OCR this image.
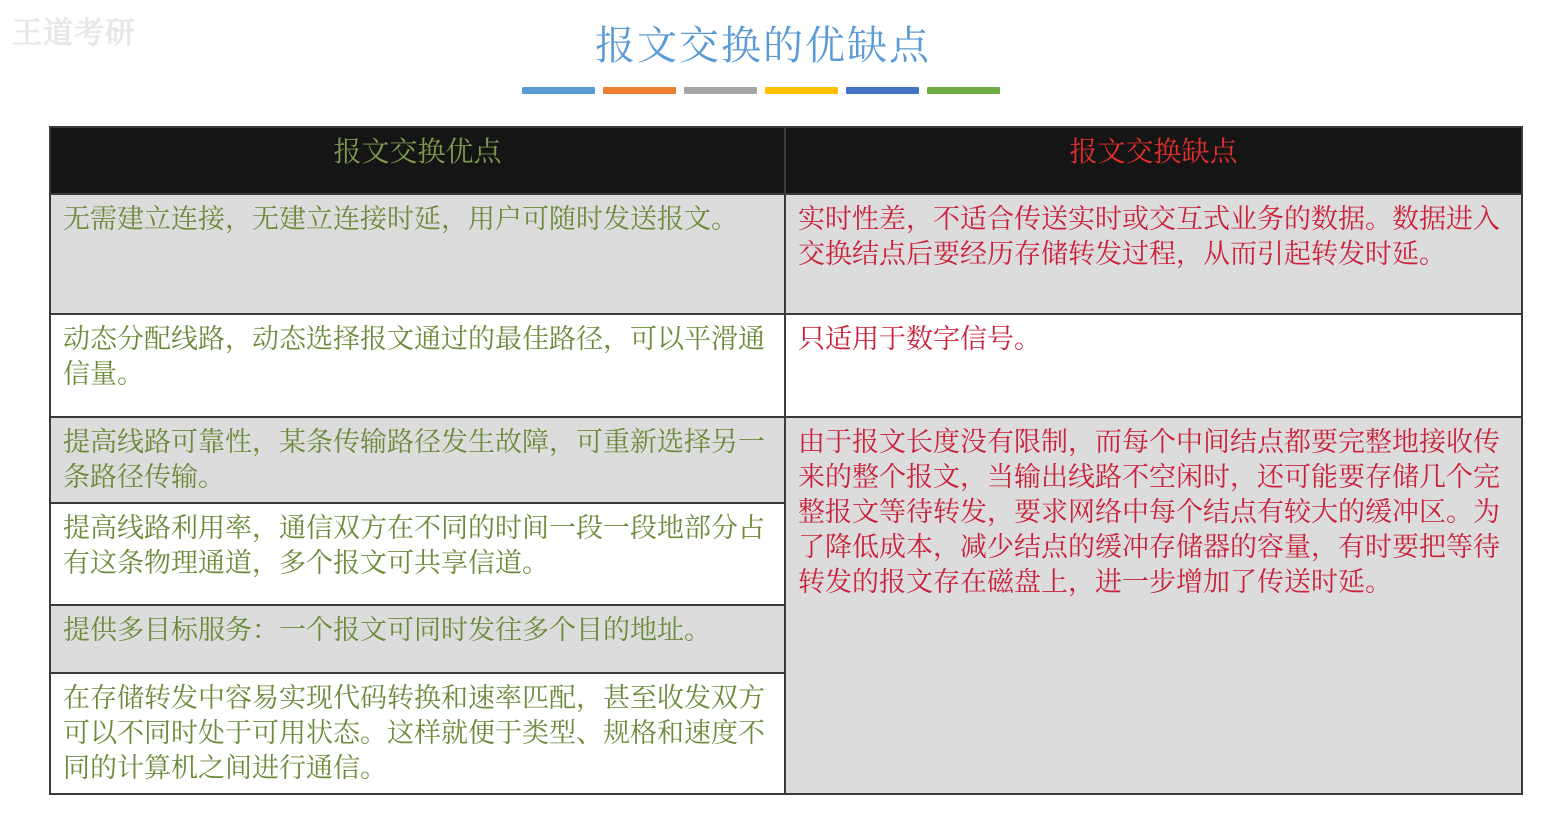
王道考研	报文交换的优缺点
报文交换优点	报文交换缺点
无需建立连接，无建立连接时延，用户可随时发送报文。	实时性差，不适合传送实时或交互式业务的数据。数据进入交换结点后要经历存储转发过程，从而引起转发时延。
动态分配线路，动态选择报文通过的最佳路径，可以平滑通信量。	只适用于数字信号。
提高线路可靠性，某条传输路径发生故障，可重新选择另一条路径传输。	由于报文长度没有限制，而每个中间结点都要完整地接收传来的整个报文，当输出线路不空闲时，还可能要存储几个完整报文等待转发，要求网络中每个结点有较大的缓冲区。为了降低成本，减少结点的缓冲存储器的容量，有时要把等待转发的报文存在磁盘上，进一步增加了传送时延。
提高线路利用率，通信双方在不同的时间一段一段地部分占有这条物理通道，多个报文可共享信道。	
提供多目标服务：一个报文可同时发往多个目的地址。	
在存储转发中容易实现代码转换和速率匹配，甚至收发双方可以不同时处于可用状态。这样就便于类型、规格和速度不同的计算机之间进行通信。	
